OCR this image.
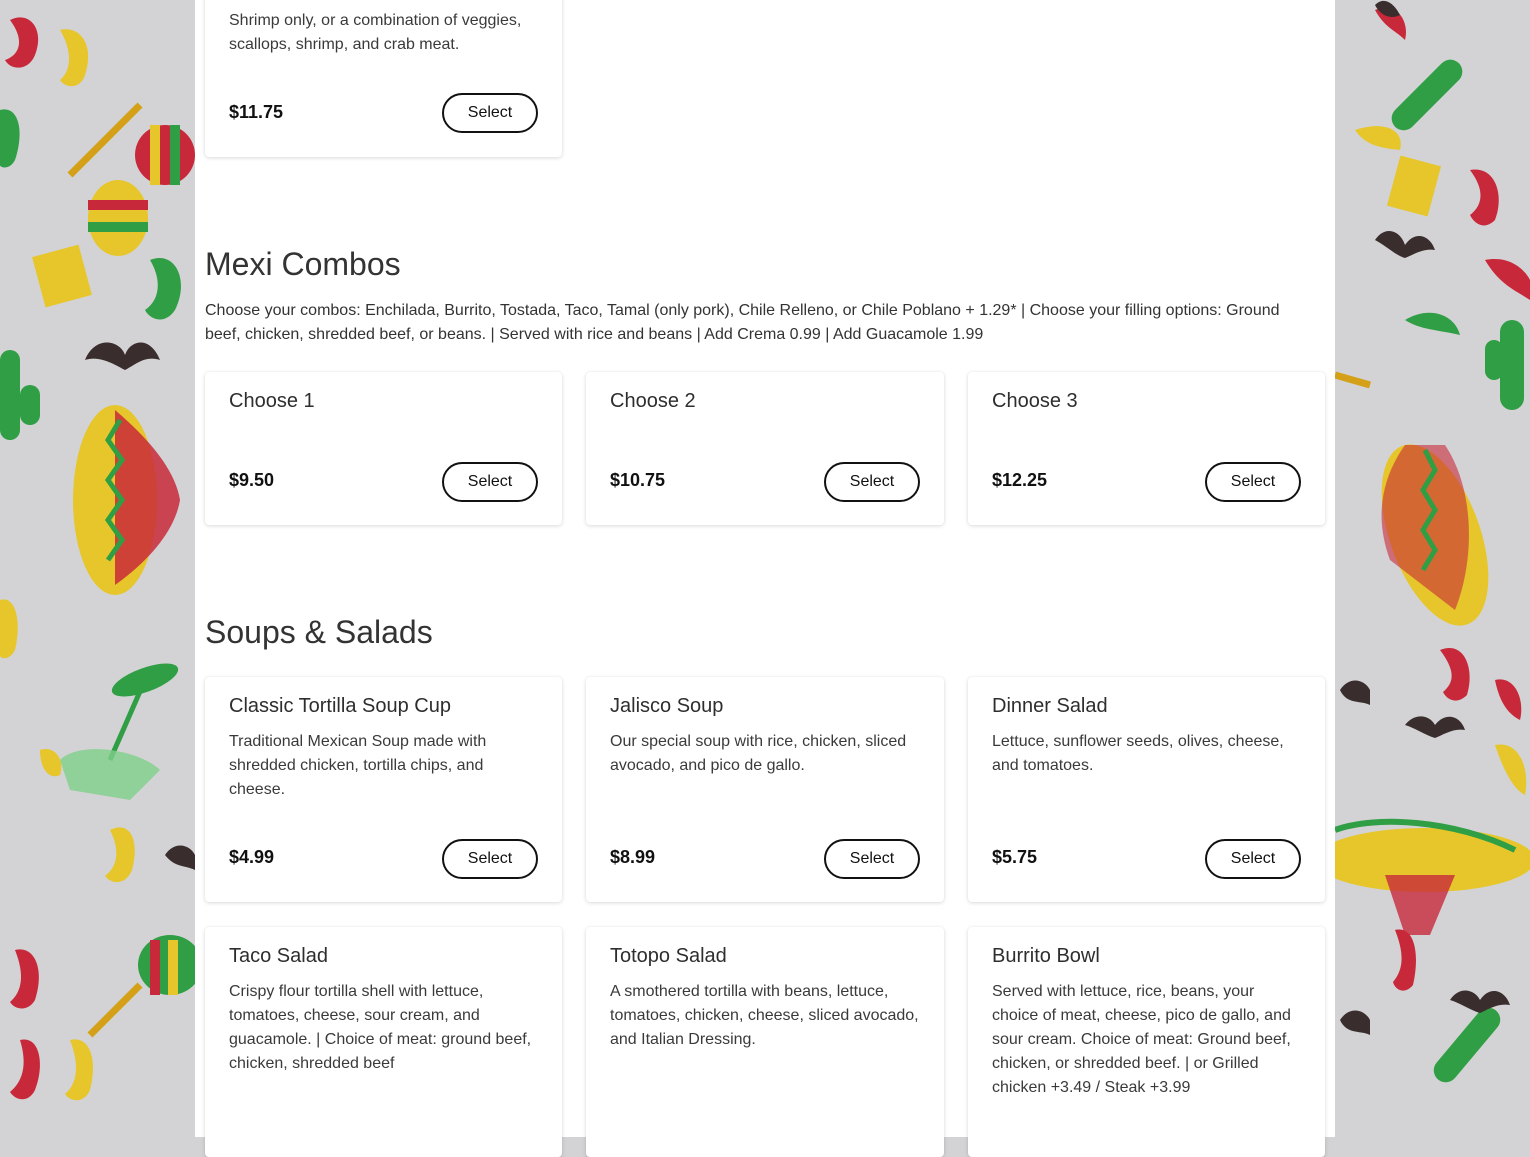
Shrimp only, or a combination of veggies, scallops, shrimp, and crab meat.
$11.75	Select
Mexi Combos
Choose your combos: Enchilada, Burrito, Tostada, Taco, Tamal (only pork), Chile Relleno, or Chile Poblano + 1.29* | Choose your filling options: Ground beef, chicken, shredded beef, or beans. | Served with rice and beans | Add Crema 0.99 | Add Guacamole 1.99
Choose 1
$9.50	Select
Choose 2
$10.75	Select
Choose 3
$12.25	Select
Soups & Salads
Classic Tortilla Soup Cup
Traditional Mexican Soup made with shredded chicken, tortilla chips, and cheese.
$4.99	Select
Jalisco Soup
Our special soup with rice, chicken, sliced avocado, and pico de gallo.
$8.99	Select
Dinner Salad
Lettuce, sunflower seeds, olives, cheese, and tomatoes.
$5.75	Select
Taco Salad
Crispy flour tortilla shell with lettuce, tomatoes, cheese, sour cream, and guacamole. | Choice of meat: ground beef, chicken, shredded beef
Totopo Salad
A smothered tortilla with beans, lettuce, tomatoes, chicken, cheese, sliced avocado, and Italian Dressing.
Burrito Bowl
Served with lettuce, rice, beans, your choice of meat, cheese, pico de gallo, and sour cream. Choice of meat: Ground beef, chicken, or shredded beef. | or Grilled chicken +3.49 / Steak +3.99
